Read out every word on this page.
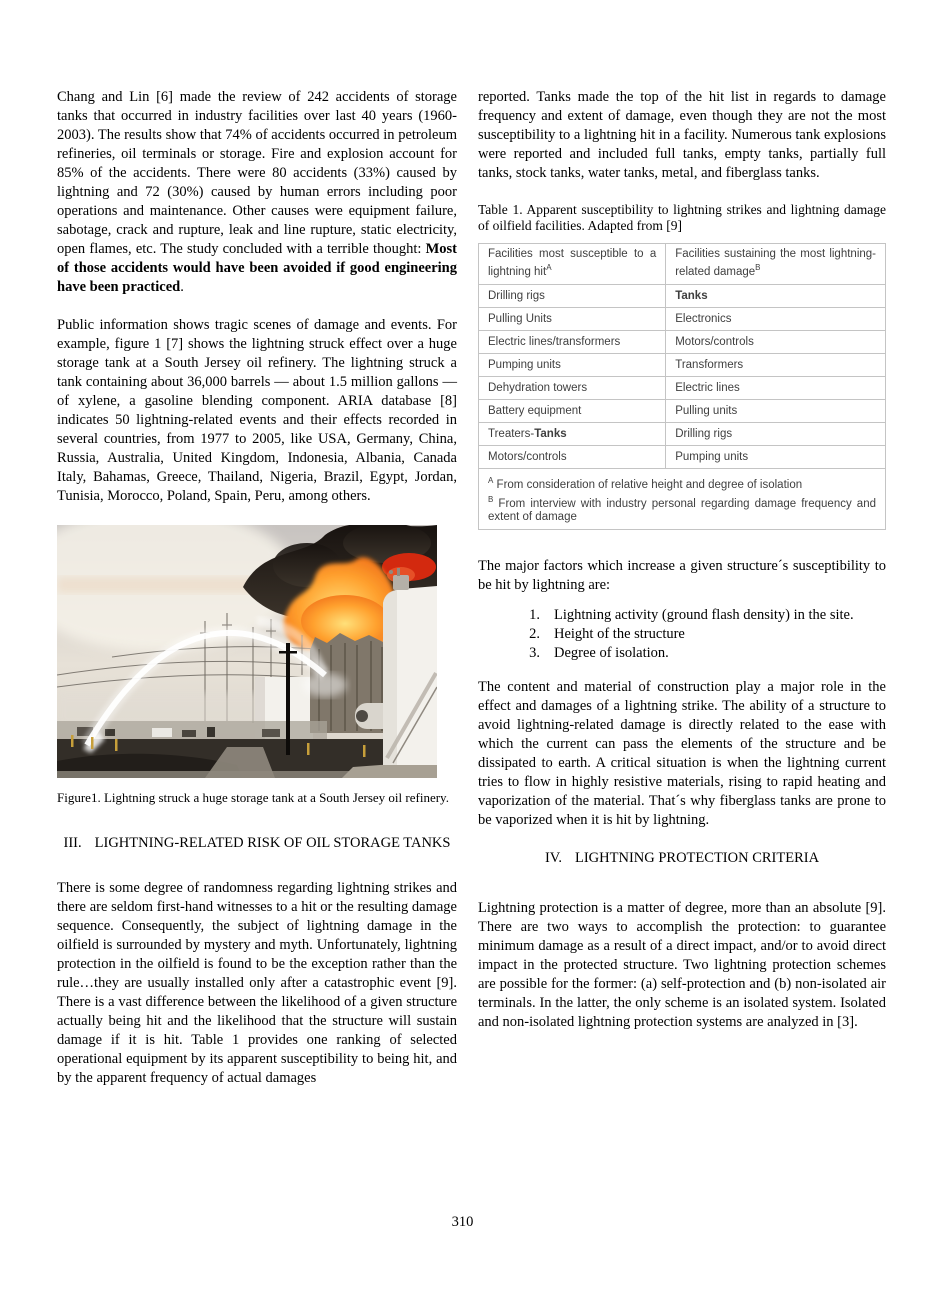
Chang and Lin [6] made the review of 242 accidents of storage tanks that occurred in industry facilities over last 40 years (1960-2003). The results show that 74% of accidents occurred in petroleum refineries, oil terminals or storage. Fire and explosion account for 85% of the accidents. There were 80 accidents (33%) caused by lightning and 72 (30%) caused by human errors including poor operations and maintenance. Other causes were equipment failure, sabotage, crack and rupture, leak and line rupture, static electricity, open flames, etc. The study concluded with a terrible thought: Most of those accidents would have been avoided if good engineering have been practiced.

Public information shows tragic scenes of damage and events. For example, figure 1 [7] shows the lightning struck effect over a huge storage tank at a South Jersey oil refinery. The lightning struck a tank containing about 36,000 barrels — about 1.5 million gallons — of xylene, a gasoline blending component. ARIA database [8] indicates 50 lightning-related events and their effects recorded in several countries, from 1977 to 2005, like USA, Germany, China, Russia, Australia, United Kingdom, Indonesia, Albania, Canada Italy, Bahamas, Greece, Thailand, Nigeria, Brazil, Egypt, Jordan, Tunisia, Morocco, Poland, Spain, Peru, among others.

Figure1. Lightning struck a huge storage tank at a South Jersey oil refinery.
III. LIGHTNING-RELATED RISK OF OIL STORAGE TANKS

There is some degree of randomness regarding lightning strikes and there are seldom first-hand witnesses to a hit or the resulting damage sequence. Consequently, the subject of lightning damage in the oilfield is surrounded by mystery and myth. Unfortunately, lightning protection in the oilfield is found to be the exception rather than the rule…they are usually installed only after a catastrophic event [9]. There is a vast difference between the likelihood of a given structure actually being hit and the likelihood that the structure will sustain damage if it is hit. Table 1 provides one ranking of selected operational equipment by its apparent susceptibility to being hit, and by the apparent frequency of actual damages

reported. Tanks made the top of the hit list in regards to damage frequency and extent of damage, even though they are not the most susceptibility to a lightning hit in a facility. Numerous tank explosions were reported and included full tanks, empty tanks, partially full tanks, stock tanks, water tanks, metal, and fiberglass tanks.

Table 1. Apparent susceptibility to lightning strikes and lightning damage of oilfield facilities. Adapted from [9]
Facilities most susceptible to a lightning hit$^A$	Facilities sustaining the most lightning-related damage$^B$
Drilling rigs	Tanks
Pulling Units	Electronics
Electric lines/transformers	Motors/controls
Pumping units	Transformers
Dehydration towers	Electric lines
Battery equipment	Pulling units
Treaters-Tanks	Drilling rigs
Motors/controls	Pumping units

$^A$ From consideration of relative height and degree of isolation
$^B$ From interview with industry personal regarding damage frequency and extent of damage	

The major factors which increase a given structure´s susceptibility to be hit by lightning are:

1. Lightning activity (ground flash density) in the site.
2. Height of the structure
3. Degree of isolation.

The content and material of construction play a major role in the effect and damages of a lightning strike. The ability of a structure to avoid lightning-related damage is directly related to the ease with which the current can pass the elements of the structure and be dissipated to earth. A critical situation is when the lightning current tries to flow in highly resistive materials, rising to rapid heating and vaporization of the material. That´s why fiberglass tanks are prone to be vaporized when it is hit by lightning.

IV. LIGHTNING PROTECTION CRITERIA

Lightning protection is a matter of degree, more than an absolute [9]. There are two ways to accomplish the protection: to guarantee minimum damage as a result of a direct impact, and/or to avoid direct impact in the protected structure. Two lightning protection schemes are possible for the former: (a) self-protection and (b) non-isolated air terminals. In the latter, the only scheme is an isolated system. Isolated and non-isolated lightning protection systems are analyzed in [3].

310
